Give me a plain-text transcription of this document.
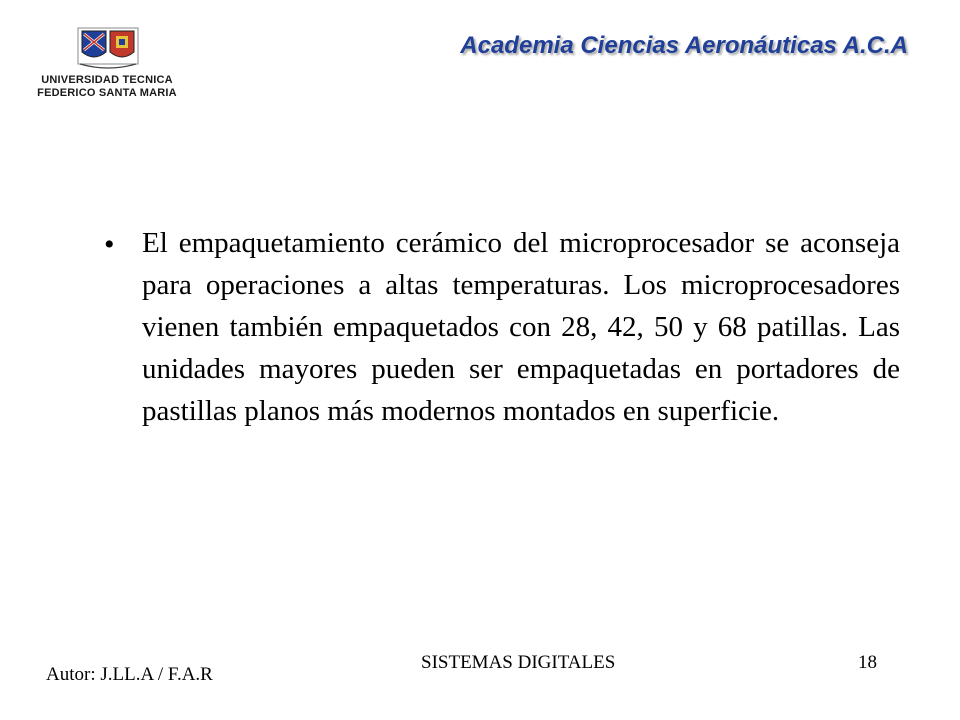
UNIVERSIDAD TECNICA
FEDERICO SANTA MARIA
Academia Ciencias Aeronáuticas A.C.A
• El empaquetamiento cerámico del microprocesador se aconseja para operaciones a altas temperaturas. Los microprocesadores vienen también empaquetados con 28, 42, 50 y 68 patillas. Las unidades mayores pueden ser empaquetadas en portadores de pastillas planos más modernos montados en superficie.

Autor: J.LL.A / F.A.R
SISTEMAS DIGITALES	18
